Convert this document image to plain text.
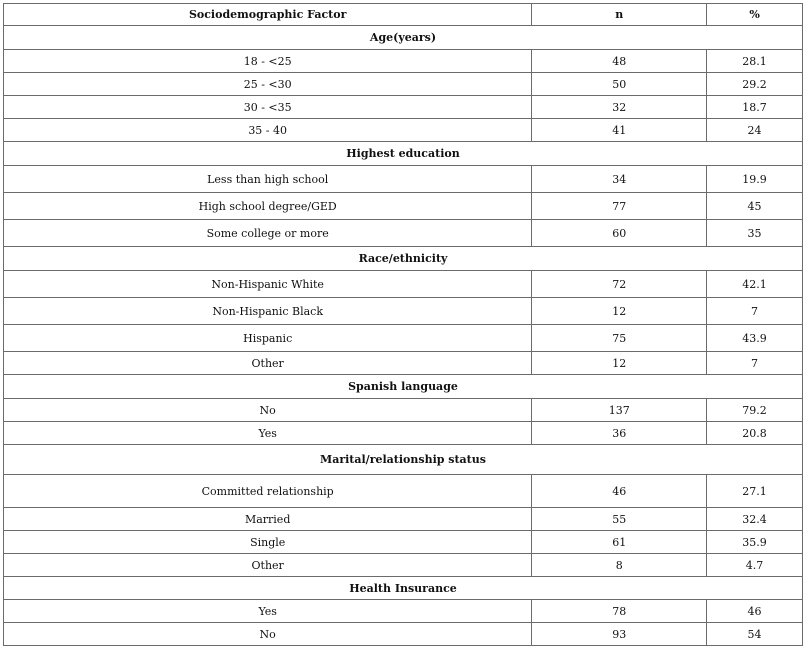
Sociodemographic Factor	n	%
Age(years)		
18 - <25	48	28.1
25 - <30	50	29.2
30 - <35	32	18.7
35 - 40	41	24
Highest education		
Less than high school	34	19.9
High school degree/GED	77	45
Some college or more	60	35
Race/ethnicity		
Non-Hispanic White	72	42.1
Non-Hispanic Black	12	7
Hispanic	75	43.9
Other	12	7
Spanish language		
No	137	79.2
Yes	36	20.8
Marital/relationship status		
Committed relationship	46	27.1
Married	55	32.4
Single	61	35.9
Other	8	4.7
Health Insurance		
Yes	78	46
No	93	54
